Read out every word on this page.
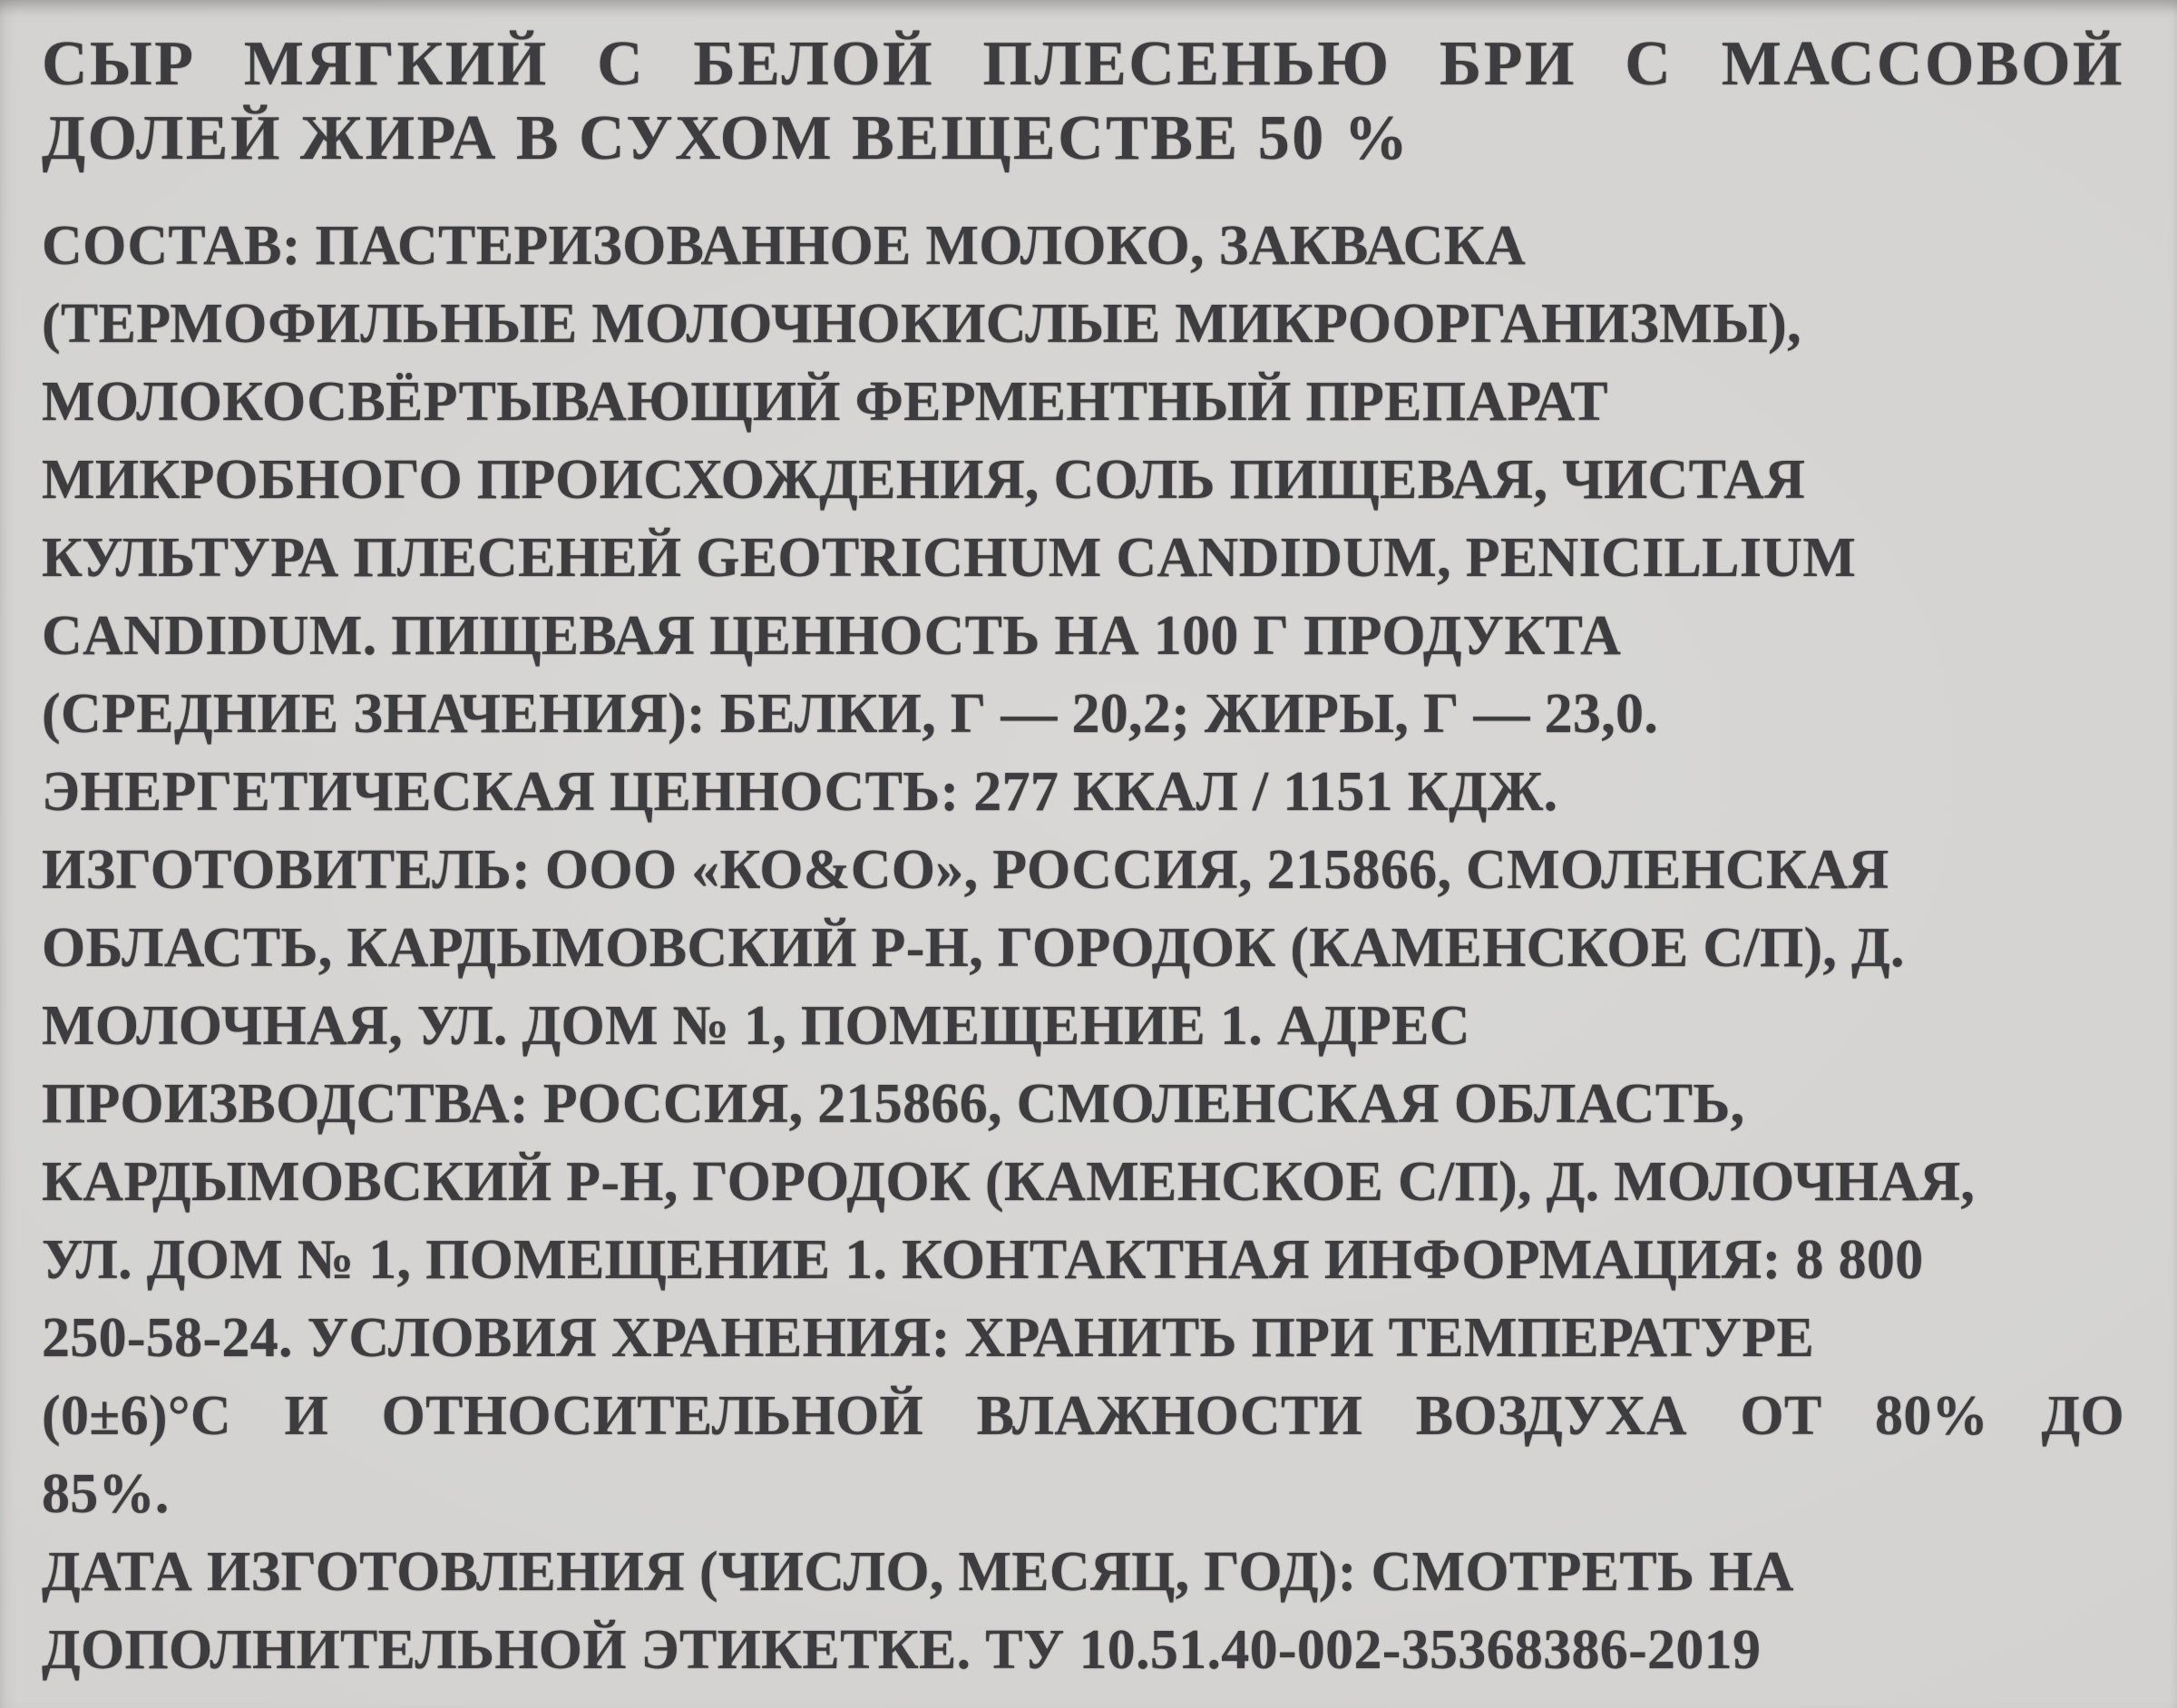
СЫР МЯГКИЙ С БЕЛОЙ ПЛЕСЕНЬЮ БРИ С МАССОВОЙ
ДОЛЕЙ ЖИРА В СУХОМ ВЕЩЕСТВЕ 50 %
СОСТАВ: ПАСТЕРИЗОВАННОЕ МОЛОКО, ЗАКВАСКА
(ТЕРМОФИЛЬНЫЕ МОЛОЧНОКИСЛЫЕ МИКРООРГАНИЗМЫ),
МОЛОКОСВЁРТЫВАЮЩИЙ ФЕРМЕНТНЫЙ ПРЕПАРАТ
МИКРОБНОГО ПРОИСХОЖДЕНИЯ, СОЛЬ ПИЩЕВАЯ, ЧИСТАЯ
КУЛЬТУРА ПЛЕСЕНЕЙ GEOTRICHUM CANDIDUM, PENICILLIUM
CANDIDUM. ПИЩЕВАЯ ЦЕННОСТЬ НА 100 Г ПРОДУКТА
(СРЕДНИЕ ЗНАЧЕНИЯ): БЕЛКИ, Г — 20,2; ЖИРЫ, Г — 23,0.
ЭНЕРГЕТИЧЕСКАЯ ЦЕННОСТЬ: 277 ККАЛ / 1151 КДЖ.
ИЗГОТОВИТЕЛЬ: ООО «КО&СО», РОССИЯ, 215866, СМОЛЕНСКАЯ
ОБЛАСТЬ, КАРДЫМОВСКИЙ Р-Н, ГОРОДОК (КАМЕНСКОЕ С/П), Д.
МОЛОЧНАЯ, УЛ. ДОМ № 1, ПОМЕЩЕНИЕ 1. АДРЕС
ПРОИЗВОДСТВА: РОССИЯ, 215866, СМОЛЕНСКАЯ ОБЛАСТЬ,
КАРДЫМОВСКИЙ Р-Н, ГОРОДОК (КАМЕНСКОЕ С/П), Д. МОЛОЧНАЯ,
УЛ. ДОМ № 1, ПОМЕЩЕНИЕ 1. КОНТАКТНАЯ ИНФОРМАЦИЯ: 8 800
250-58-24. УСЛОВИЯ ХРАНЕНИЯ: ХРАНИТЬ ПРИ ТЕМПЕРАТУРЕ
(0±6)°С И ОТНОСИТЕЛЬНОЙ ВЛАЖНОСТИ ВОЗДУХА ОТ 80% ДО
85%.
ДАТА ИЗГОТОВЛЕНИЯ (ЧИСЛО, МЕСЯЦ, ГОД): СМОТРЕТЬ НА
ДОПОЛНИТЕЛЬНОЙ ЭТИКЕТКЕ. ТУ 10.51.40-002-35368386-2019
